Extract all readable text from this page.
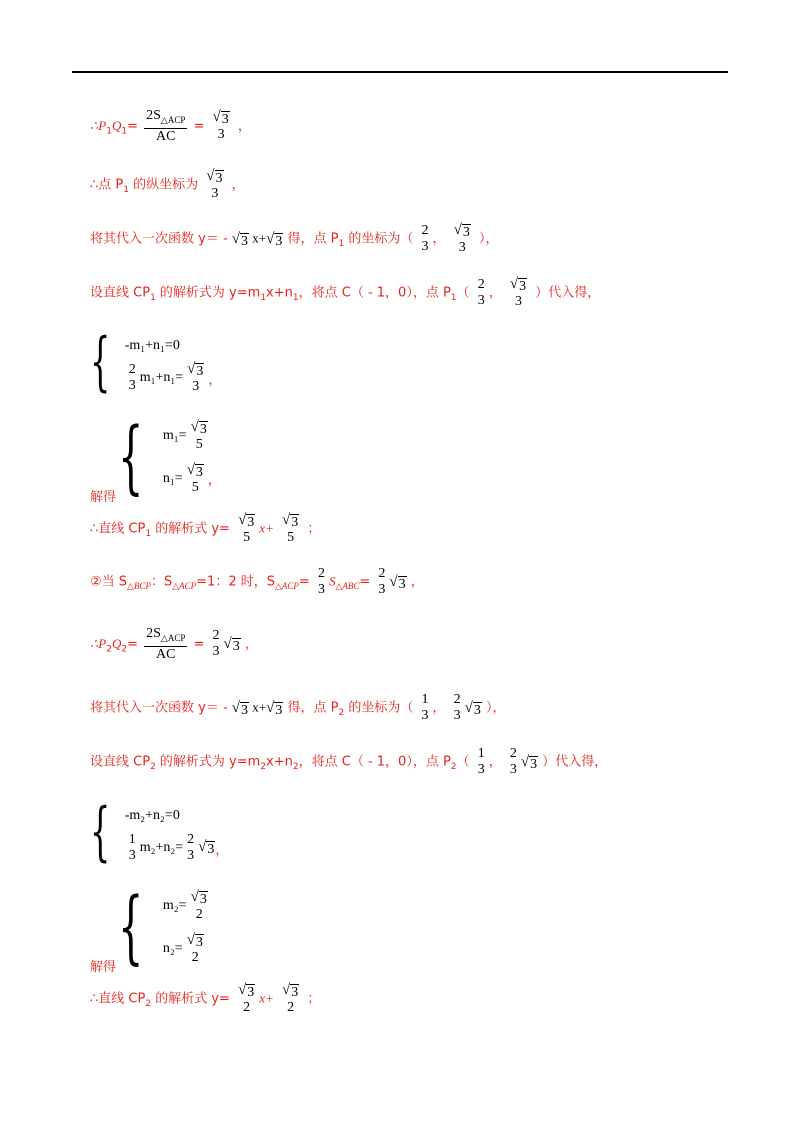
$\therefore P_1Q_1= \frac{2S_{\triangle ACP}}{AC}$ =
√ 3
3
，
∴点 $P_1$ 的纵坐标为
√ 3
3
，
将其代入一次函数 y＝ - √ 3 x+ √ 3 得，点 $P_1$ 的坐标为（
2
3 ，
√ 3
3
），
设直线 $CP_1$ 的解析式为 $y=m_1x+n_1$，将点 C（ - 1，0），点 $P_1$（
2
3 ，
√ 3
3
）代入得，
{ -m₁+n₁=0
2
3
m₁+n₁=
√ 3
3 ，
解得 { m₁=
√ 3
5
n₁=
√ 3
5 ，
∴直线 $CP_1$ 的解析式 y=
√ 3
5
x+ √ 3
5
；
②当 $S_{\triangle BCP}$：$S_{\triangle ACP}=1$：2 时，$S_{\triangle ACP}=$
2
3
$S_{\triangle ABC}=$
2
3 √ 3 ，
$\therefore P_2Q_2= \frac{2S_{\triangle ACP}}{AC}$ =
2
3 √ 3 ，
将其代入一次函数 y＝ - √ 3 x+ √ 3 得，点 $P_2$ 的坐标为（
1
3 ，
2
3 √ 3 ），
设直线 $CP_2$ 的解析式为 $y=m_2x+n_2$，将点 C（ - 1，0），点 $P_2$（
1
3 ，
2
3 √ 3 ）代入得，
{ -m₂+n₂=0
1
3
m₂+n₂=
2
3
√ 3 ，
解得 { m₂=
√ 3
2
n₂=
√ 3
2
∴直线 $CP_2$ 的解析式 y=
√ 3
2
x+ √ 3
2
；
